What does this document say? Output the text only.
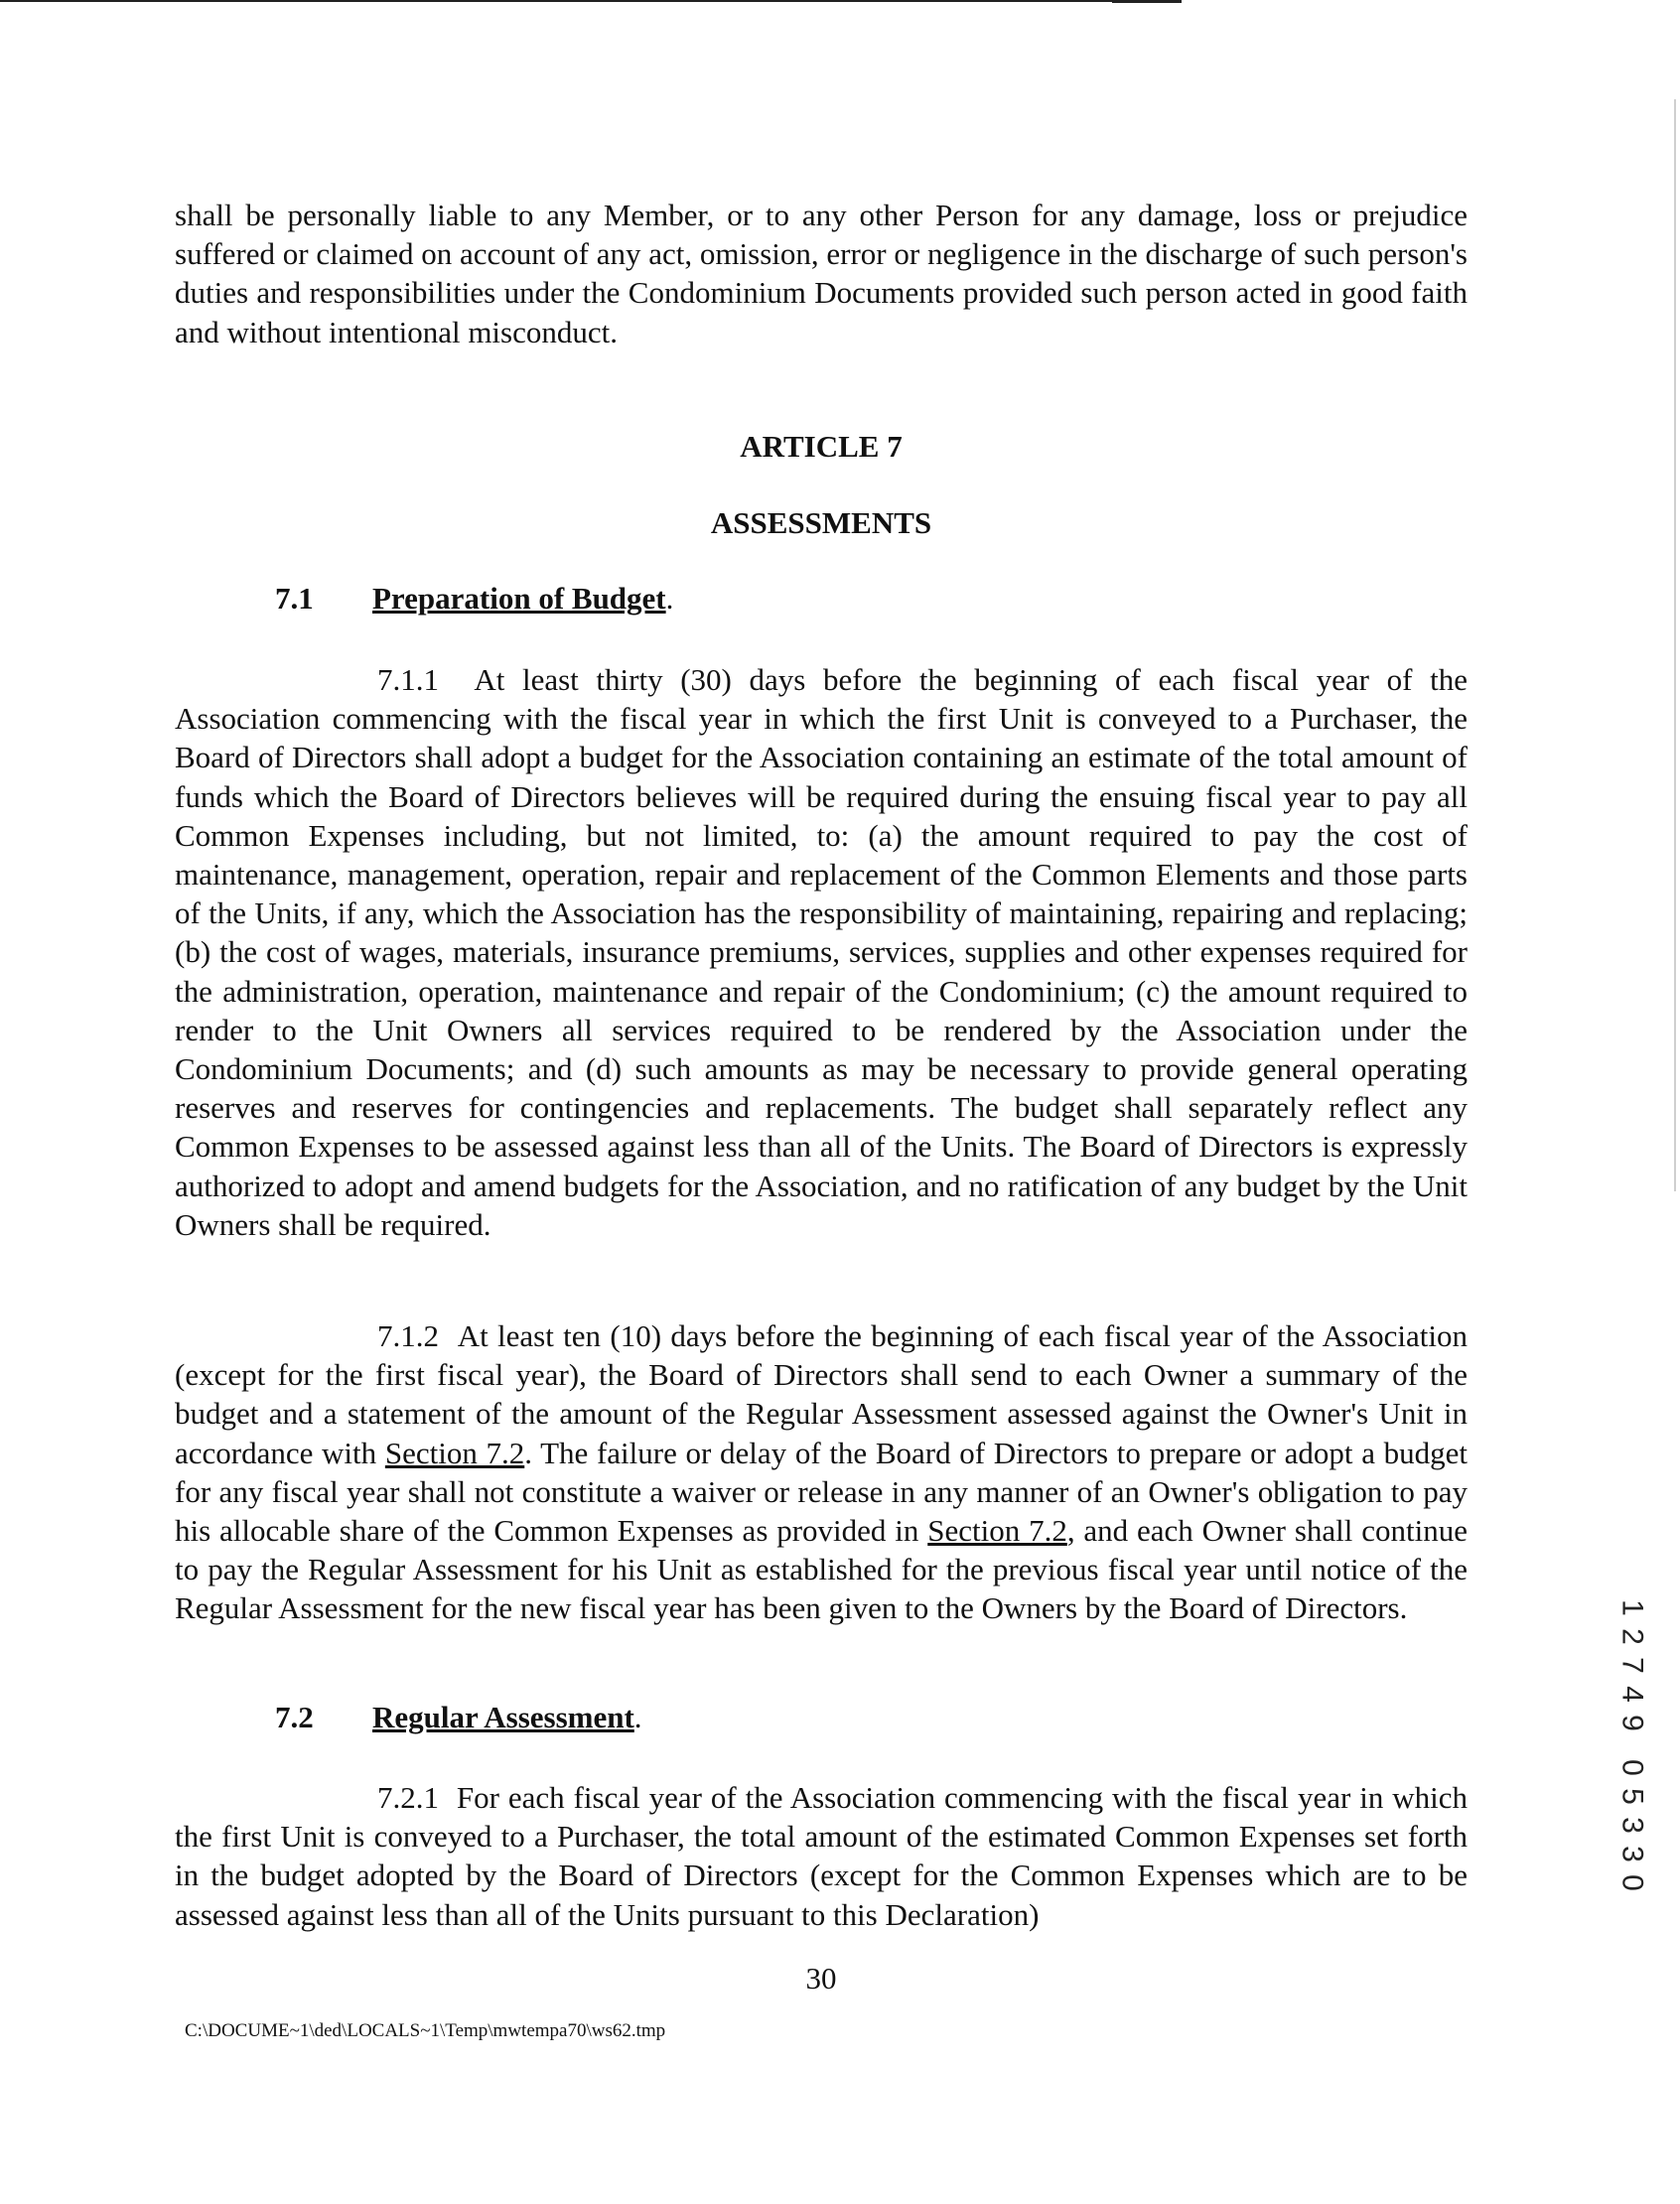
shall be personally liable to any Member, or to any other Person for any damage, loss or prejudice suffered or claimed on account of any act, omission, error or negligence in the discharge of such person's duties and responsibilities under the Condominium Documents provided such person acted in good faith and without intentional misconduct.

ARTICLE 7

ASSESSMENTS

7.1 Preparation of Budget.

7.1.1 At least thirty (30) days before the beginning of each fiscal year of the Association commencing with the fiscal year in which the first Unit is conveyed to a Purchaser, the Board of Directors shall adopt a budget for the Association containing an estimate of the total amount of funds which the Board of Directors believes will be required during the ensuing fiscal year to pay all Common Expenses including, but not limited, to: (a) the amount required to pay the cost of maintenance, management, operation, repair and replacement of the Common Elements and those parts of the Units, if any, which the Association has the responsibility of maintaining, repairing and replacing; (b) the cost of wages, materials, insurance premiums, services, supplies and other expenses required for the administration, operation, maintenance and repair of the Condominium; (c) the amount required to render to the Unit Owners all services required to be rendered by the Association under the Condominium Documents; and (d) such amounts as may be necessary to provide general operating reserves and reserves for contingencies and replacements. The budget shall separately reflect any Common Expenses to be assessed against less than all of the Units. The Board of Directors is expressly authorized to adopt and amend budgets for the Association, and no ratification of any budget by the Unit Owners shall be required.

7.1.2 At least ten (10) days before the beginning of each fiscal year of the Association (except for the first fiscal year), the Board of Directors shall send to each Owner a summary of the budget and a statement of the amount of the Regular Assessment assessed against the Owner's Unit in accordance with Section 7.2. The failure or delay of the Board of Directors to prepare or adopt a budget for any fiscal year shall not constitute a waiver or release in any manner of an Owner's obligation to pay his allocable share of the Common Expenses as provided in Section 7.2, and each Owner shall continue to pay the Regular Assessment for his Unit as established for the previous fiscal year until notice of the Regular Assessment for the new fiscal year has been given to the Owners by the Board of Directors.

7.2 Regular Assessment.

7.2.1 For each fiscal year of the Association commencing with the fiscal year in which the first Unit is conveyed to a Purchaser, the total amount of the estimated Common Expenses set forth in the budget adopted by the Board of Directors (except for the Common Expenses which are to be assessed against less than all of the Units pursuant to this Declaration)

30
C:\DOCUME~1\ded\LOCALS~1\Temp\mwtempa70\ws62.tmp
1
2
7
4
9
0
5
3
3
0
